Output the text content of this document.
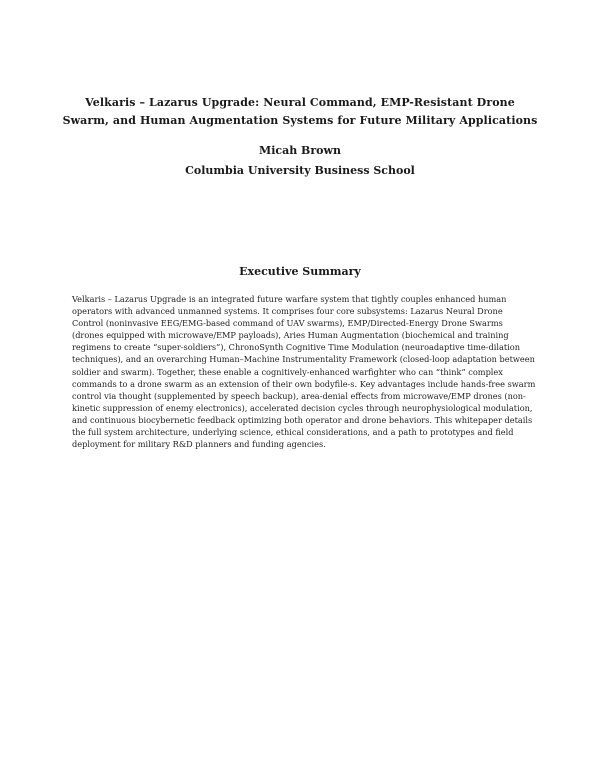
Velkaris – Lazarus Upgrade: Neural Command, EMP-Resistant Drone Swarm, and Human Augmentation Systems for Future Military Applications
Micah Brown
Columbia University Business School
Executive Summary
Velkaris – Lazarus Upgrade is an integrated future warfare system that tightly couples enhanced human operators with advanced unmanned systems. It comprises four core subsystems: Lazarus Neural Drone Control (noninvasive EEG/EMG-based command of UAV swarms), EMP/Directed-Energy Drone Swarms (drones equipped with microwave/EMP payloads), Aries Human Augmentation (biochemical and training regimens to create “super-soldiers”), ChronoSynth Cognitive Time Modulation (neuroadaptive time-dilation techniques), and an overarching Human–Machine Instrumentality Framework (closed-loop adaptation between soldier and swarm). Together, these enable a cognitively-enhanced warfighter who can “think” complex commands to a drone swarm as an extension of their own bodyfile-s. Key advantages include hands-free swarm control via thought (supplemented by speech backup), area-denial effects from microwave/EMP drones (non-kinetic suppression of enemy electronics), accelerated decision cycles through neurophysiological modulation, and continuous biocybernetic feedback optimizing both operator and drone behaviors. This whitepaper details the full system architecture, underlying science, ethical considerations, and a path to prototypes and field deployment for military R&D planners and funding agencies.
